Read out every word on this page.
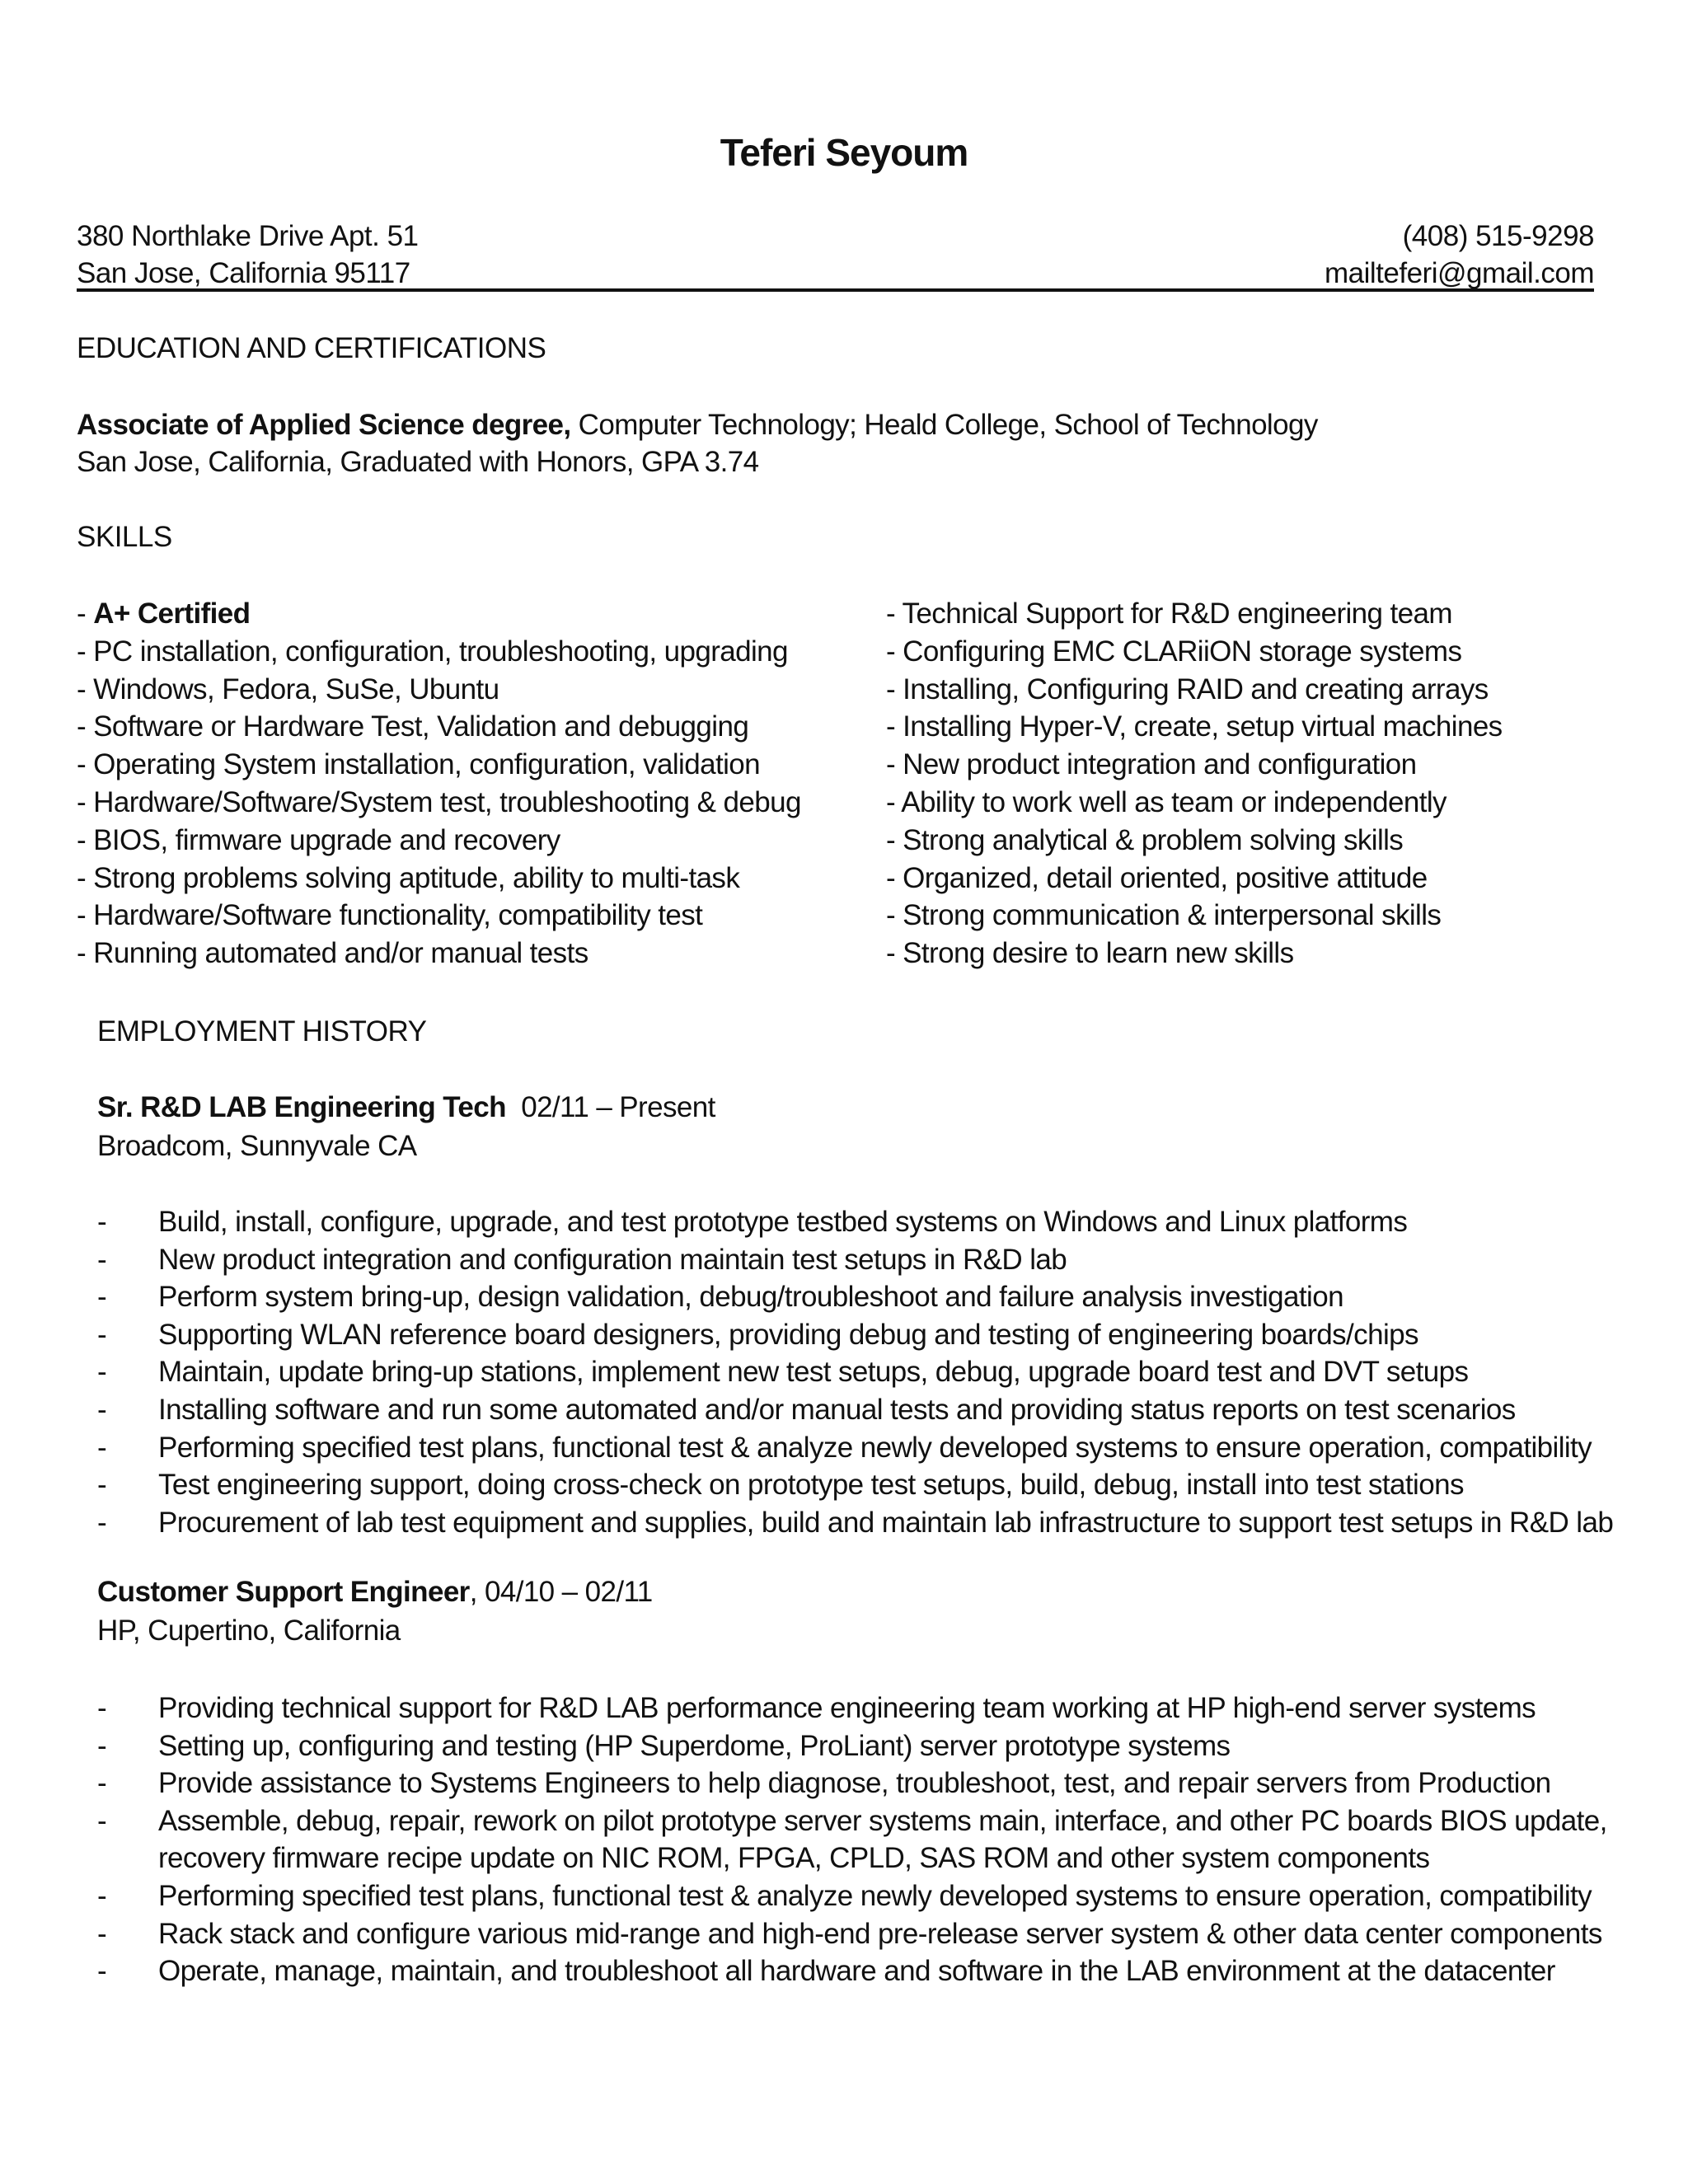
Teferi Seyoum
380 Northlake Drive Apt. 51
San Jose, California 95117
(408) 515-9298
mailteferi@gmail.com
EDUCATION AND CERTIFICATIONS
Associate of Applied Science degree, Computer Technology; Heald College, School of Technology
San Jose, California, Graduated with Honors, GPA 3.74
SKILLS
- A+ Certified
- PC installation, configuration, troubleshooting, upgrading
- Windows, Fedora, SuSe, Ubuntu
- Software or Hardware Test, Validation and debugging
- Operating System installation, configuration, validation
- Hardware/Software/System test, troubleshooting & debug
- BIOS, firmware upgrade and recovery
- Strong problems solving aptitude, ability to multi-task
- Hardware/Software functionality, compatibility test
- Running automated and/or manual tests
- Technical Support for R&D engineering team
- Configuring EMC CLARiiON storage systems
- Installing, Configuring RAID and creating arrays
- Installing Hyper-V, create, setup virtual machines
- New product integration and configuration
- Ability to work well as team or independently
- Strong analytical & problem solving skills
- Organized, detail oriented, positive attitude
- Strong communication & interpersonal skills
- Strong desire to learn new skills
EMPLOYMENT HISTORY
Sr. R&D LAB Engineering Tech  02/11 – Present
Broadcom, Sunnyvale CA
- Build, install, configure, upgrade, and test prototype testbed systems on Windows and Linux platforms
- New product integration and configuration maintain test setups in R&D lab
- Perform system bring-up, design validation, debug/troubleshoot and failure analysis investigation
- Supporting WLAN reference board designers, providing debug and testing of engineering boards/chips
- Maintain, update bring-up stations, implement new test setups, debug, upgrade board test and DVT setups
- Installing software and run some automated and/or manual tests and providing status reports on test scenarios
- Performing specified test plans, functional test & analyze newly developed systems to ensure operation, compatibility
- Test engineering support, doing cross-check on prototype test setups, build, debug, install into test stations
- Procurement of lab test equipment and supplies, build and maintain lab infrastructure to support test setups in R&D lab
Customer Support Engineer, 04/10 – 02/11
HP, Cupertino, California
- Providing technical support for R&D LAB performance engineering team working at HP high-end server systems
- Setting up, configuring and testing (HP Superdome, ProLiant) server prototype systems
- Provide assistance to Systems Engineers to help diagnose, troubleshoot, test, and repair servers from Production
- Assemble, debug, repair, rework on pilot prototype server systems main, interface, and other PC boards BIOS update,
recovery firmware recipe update on NIC ROM, FPGA, CPLD, SAS ROM and other system components
- Performing specified test plans, functional test & analyze newly developed systems to ensure operation, compatibility
- Rack stack and configure various mid-range and high-end pre-release server system & other data center components
- Operate, manage, maintain, and troubleshoot all hardware and software in the LAB environment at the datacenter
